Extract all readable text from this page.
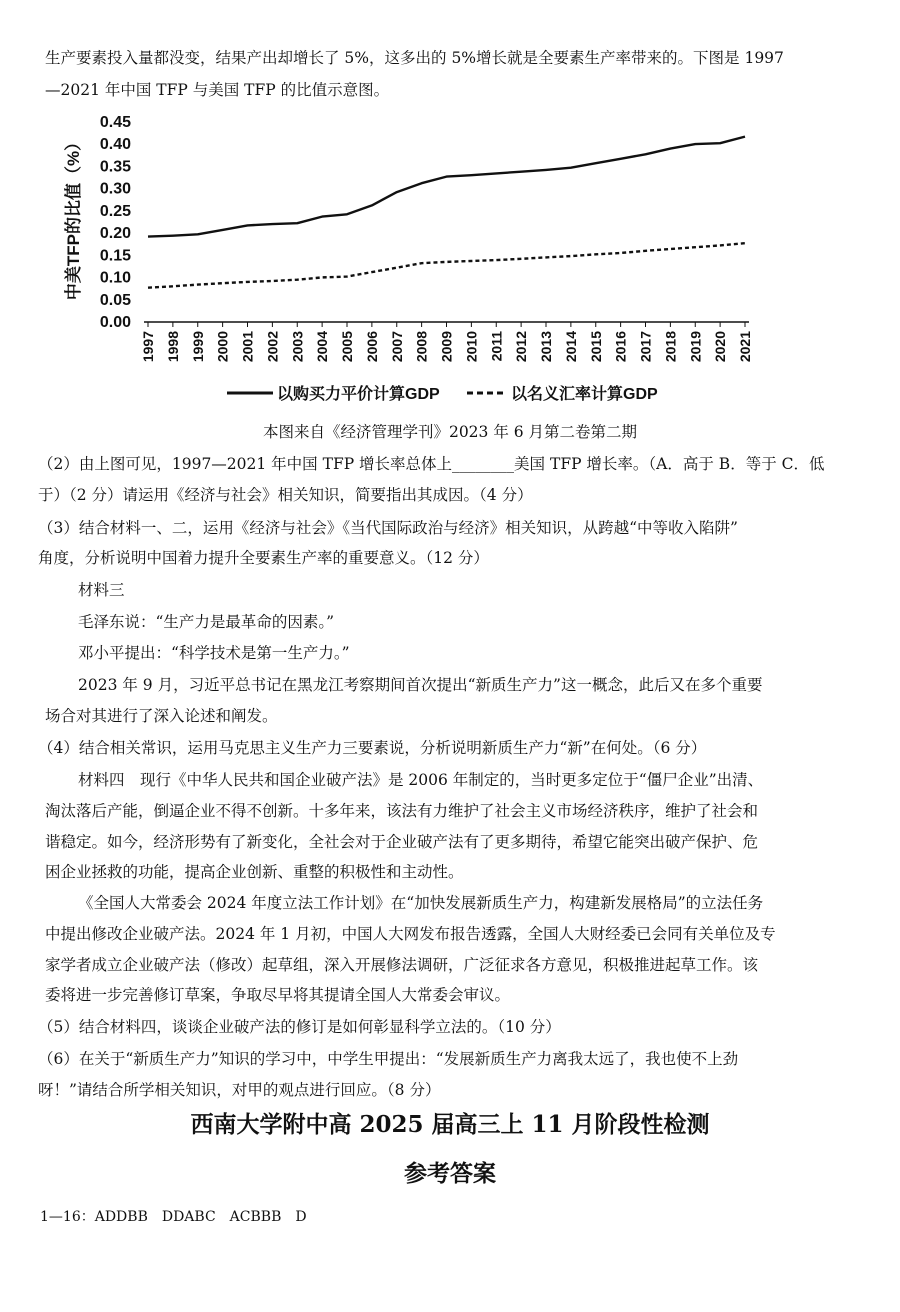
生产要素投入量都没变，结果产出却增长了 5%，这多出的 5%增长就是全要素生产率带来的。下图是 1997
—2021 年中国 TFP 与美国 TFP 的比值示意图。
中美TFP的比值（%）
0.45
0.40
0.35
0.30
0.25
0.20
0.15
0.10
0.05
0.00
1997 1998 1999 2000 2001 2002 2003 2004 2005 2006 2007 2008 2009 2010 2011 2012 2013 2014 2015 2016 2017 2018 2019 2020 2021
以购买力平价计算GDP	以名义汇率计算GDP
本图来自《经济管理学刊》2023 年 6 月第二卷第二期
（2）由上图可见，1997—2021 年中国 TFP 增长率总体上________美国 TFP 增长率。（A．高于 B．等于 C．低
于）（2 分）请运用《经济与社会》相关知识，简要指出其成因。（4 分）
（3）结合材料一、二，运用《经济与社会》《当代国际政治与经济》相关知识，从跨越“中等收入陷阱”
角度，分析说明中国着力提升全要素生产率的重要意义。（12 分）
材料三
毛泽东说：“生产力是最革命的因素。”
邓小平提出：“科学技术是第一生产力。”
2023 年 9 月，习近平总书记在黑龙江考察期间首次提出“新质生产力”这一概念，此后又在多个重要
场合对其进行了深入论述和阐发。
（4）结合相关常识，运用马克思主义生产力三要素说，分析说明新质生产力“新”在何处。（6 分）
材料四　现行《中华人民共和国企业破产法》是 2006 年制定的，当时更多定位于“僵尸企业”出清、
淘汰落后产能，倒逼企业不得不创新。十多年来，该法有力维护了社会主义市场经济秩序，维护了社会和
谐稳定。如今，经济形势有了新变化，全社会对于企业破产法有了更多期待，希望它能突出破产保护、危
困企业拯救的功能，提高企业创新、重整的积极性和主动性。
《全国人大常委会 2024 年度立法工作计划》在“加快发展新质生产力，构建新发展格局”的立法任务
中提出修改企业破产法。2024 年 1 月初，中国人大网发布报告透露，全国人大财经委已会同有关单位及专
家学者成立企业破产法（修改）起草组，深入开展修法调研，广泛征求各方意见，积极推进起草工作。该
委将进一步完善修订草案，争取尽早将其提请全国人大常委会审议。
（5）结合材料四，谈谈企业破产法的修订是如何彰显科学立法的。（10 分）
（6）在关于“新质生产力”知识的学习中，中学生甲提出：“发展新质生产力离我太远了，我也使不上劲
呀！”请结合所学相关知识，对甲的观点进行回应。（8 分）
西南大学附中高 2025 届高三上 11 月阶段性检测
参考答案
1—16：ADDBB　DDABC　ACBBB　D
